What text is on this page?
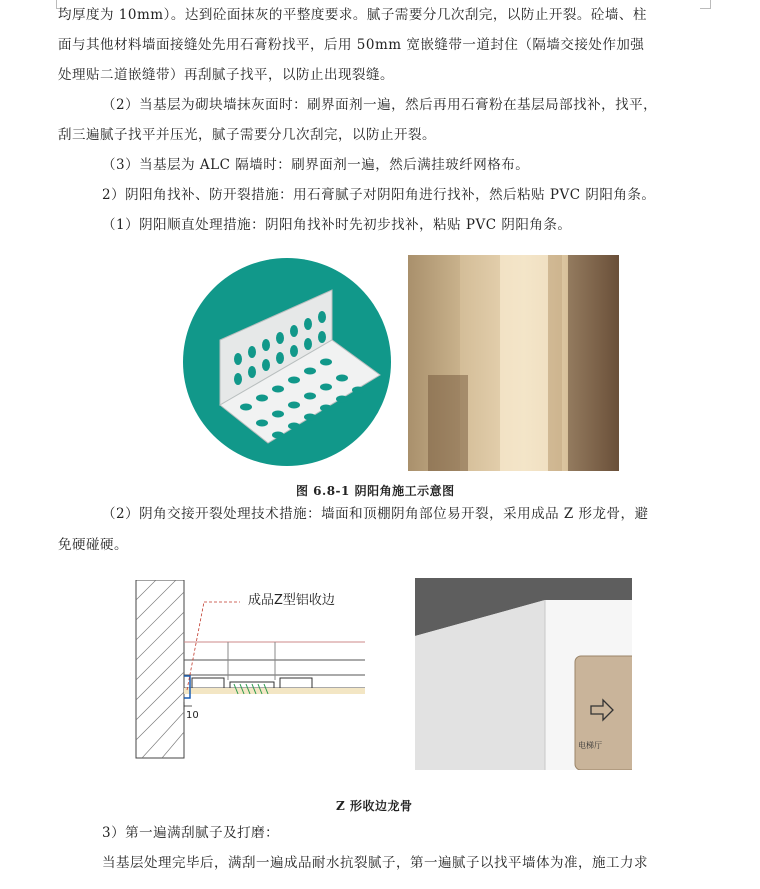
均厚度为 10mm）。达到砼面抹灰的平整度要求。腻子需要分几次刮完，以防止开裂。砼墙、柱
面与其他材料墙面接缝处先用石膏粉找平，后用 50mm 宽嵌缝带一道封住（隔墙交接处作加强
处理贴二道嵌缝带）再刮腻子找平，以防止出现裂缝。
（2）当基层为砌块墙抹灰面时：刷界面剂一遍，然后再用石膏粉在基层局部找补，找平，
刮三遍腻子找平并压光，腻子需要分几次刮完，以防止开裂。
（3）当基层为 ALC 隔墙时：刷界面剂一遍，然后满挂玻纤网格布。
2）阴阳角找补、防开裂措施：用石膏腻子对阴阳角进行找补，然后粘贴 PVC 阴阳角条。
（1）阴阳顺直处理措施：阴阳角找补时先初步找补，粘贴 PVC 阴阳角条。
图 6.8-1 阴阳角施工示意图
（2）阴角交接开裂处理技术措施：墙面和顶棚阴角部位易开裂，采用成品 Z 形龙骨，避
免硬碰硬。
成品Z型铝收边
10
电梯厅
Z 形收边龙骨
3）第一遍满刮腻子及打磨：
当基层处理完毕后，满刮一遍成品耐水抗裂腻子，第一遍腻子以找平墙体为准，施工力求
